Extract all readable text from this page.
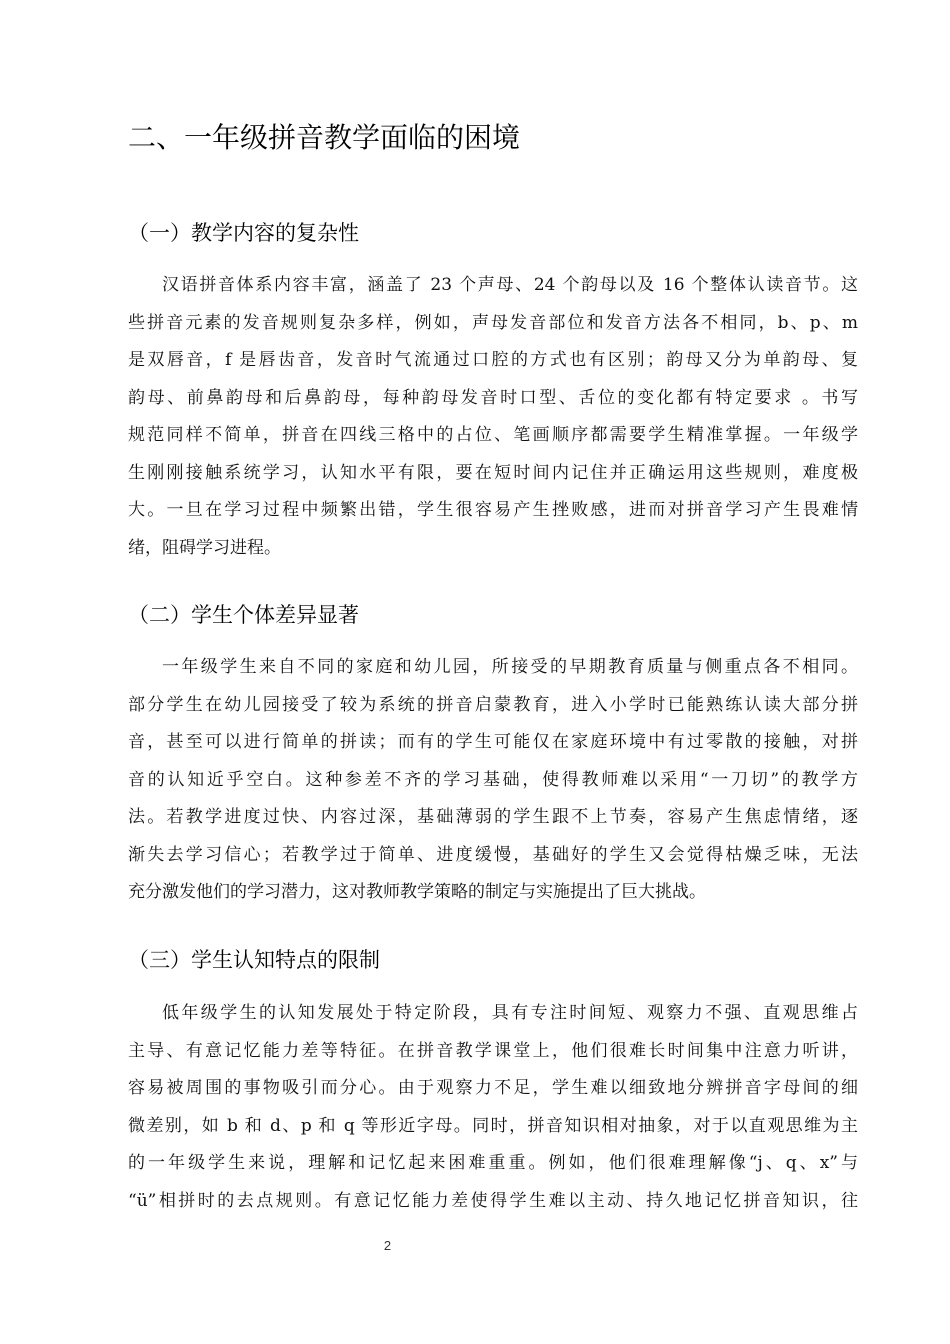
二、一年级拼音教学面临的困境
（一）教学内容的复杂性
汉语拼音体系内容丰富，涵盖了 23 个声母、24 个韵母以及 16 个整体认读音节。这
些拼音元素的发音规则复杂多样，例如，声母发音部位和发音方法各不相同，b、p、m
是双唇音，f 是唇齿音，发音时气流通过口腔的方式也有区别；韵母又分为单韵母、复
韵母、前鼻韵母和后鼻韵母，每种韵母发音时口型、舌位的变化都有特定要求 。书写
规范同样不简单，拼音在四线三格中的占位、笔画顺序都需要学生精准掌握。一年级学
生刚刚接触系统学习，认知水平有限，要在短时间内记住并正确运用这些规则，难度极
大。一旦在学习过程中频繁出错，学生很容易产生挫败感，进而对拼音学习产生畏难情
绪，阻碍学习进程。
（二）学生个体差异显著
一年级学生来自不同的家庭和幼儿园，所接受的早期教育质量与侧重点各不相同。
部分学生在幼儿园接受了较为系统的拼音启蒙教育，进入小学时已能熟练认读大部分拼
音，甚至可以进行简单的拼读；而有的学生可能仅在家庭环境中有过零散的接触，对拼
音的认知近乎空白。这种参差不齐的学习基础，使得教师难以采用“一刀切”的教学方
法。若教学进度过快、内容过深，基础薄弱的学生跟不上节奏，容易产生焦虑情绪，逐
渐失去学习信心；若教学过于简单、进度缓慢，基础好的学生又会觉得枯燥乏味，无法
充分激发他们的学习潜力，这对教师教学策略的制定与实施提出了巨大挑战。
（三）学生认知特点的限制
低年级学生的认知发展处于特定阶段，具有专注时间短、观察力不强、直观思维占
主导、有意记忆能力差等特征。在拼音教学课堂上，他们很难长时间集中注意力听讲，
容易被周围的事物吸引而分心。由于观察力不足，学生难以细致地分辨拼音字母间的细
微差别，如 b 和 d、p 和 q 等形近字母。同时，拼音知识相对抽象，对于以直观思维为主
的一年级学生来说，理解和记忆起来困难重重。例如，他们很难理解像“j、q、x”与
“ü”相拼时的去点规则。有意记忆能力差使得学生难以主动、持久地记忆拼音知识，往
2
